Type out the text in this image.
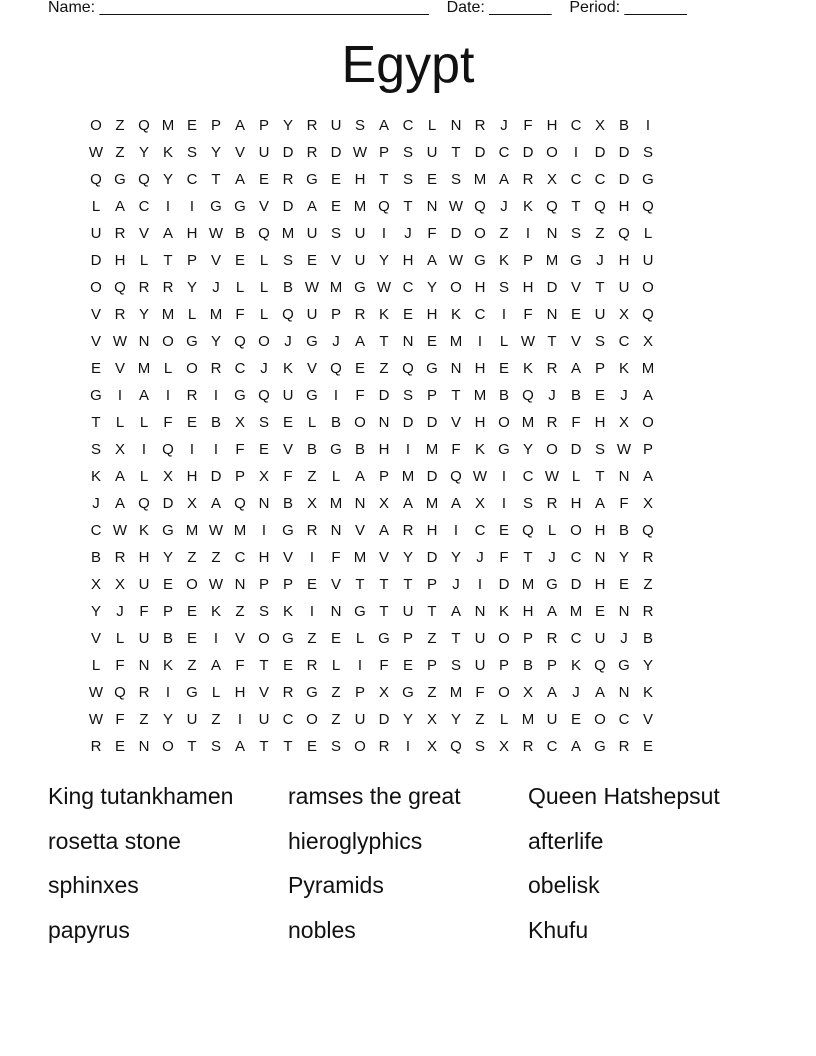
Name: _____________________________________    Date: _______    Period: _______
Egypt
O Z Q M E P A P Y R U S A C L N R J	F H C X B	I
W Z Y K S Y V U D R D W P S U T D C D O	I	D D S
Q G Q Y C T A E R G E H T S E S M A R X C C D G
L A C	I	I	G G V D A E M Q T N W Q J	K Q T Q H Q
U R V A H W B Q M U S U	I	J	F D O Z	I	N S Z Q L
D H L	T P V E L S E V U Y H A W G K P M G J H U
O Q R R Y	J	L	L B W M G W C Y O H S H D V T U O
V R Y M L M F	L Q U P R K E H K C	I	F N E U X Q
V W N O G Y Q O J G J	A T N E M	I	L W T V S C X
E V M L O R C J	K V Q E Z Q G N H E K R A P K M
G	I	A	I	R	I	G Q U G	I	F D S P T M B Q J	B E	J	A
T	L	L	F E B X S E L B O N D D V H O M R F H X O
S X	I	Q	I	I	F E V B G B H	I	M F K G Y O D S W P
K A L X H D P X F Z	L A P M D Q W I	C W L	T N A
J	A Q D X A Q N B X M N X A M A X	I	S R H A F X
C W K G M W M	I	G R N V A R H	I	C E Q L O H B Q
B R H Y Z Z C H V	I	F M V Y D Y	J	F T	J C N Y R
X X U E O W N P P E V T T T P	J	I	D M G D H E Z
Y	J	F P E K Z S K	I	N G T U T A N K H A M E N R
V L U B E	I	V O G Z E L G P Z T U O P R C U J	B
L	F N K Z A F T E R L	I	F E P S U P B P K Q G Y
W Q R	I	G L H V R G Z P X G Z M F O X A	J	A N K
W F Z Y U Z	I	U C O Z U D Y X Y Z	L M U E O C V
R E N O T S A T T E S O R	I	X Q S X R C A G R E
King tutankhamen	ramses the great	Queen Hatshepsut
rosetta stone	hieroglyphics	afterlife
sphinxes	Pyramids	obelisk
papyrus	nobles	Khufu
